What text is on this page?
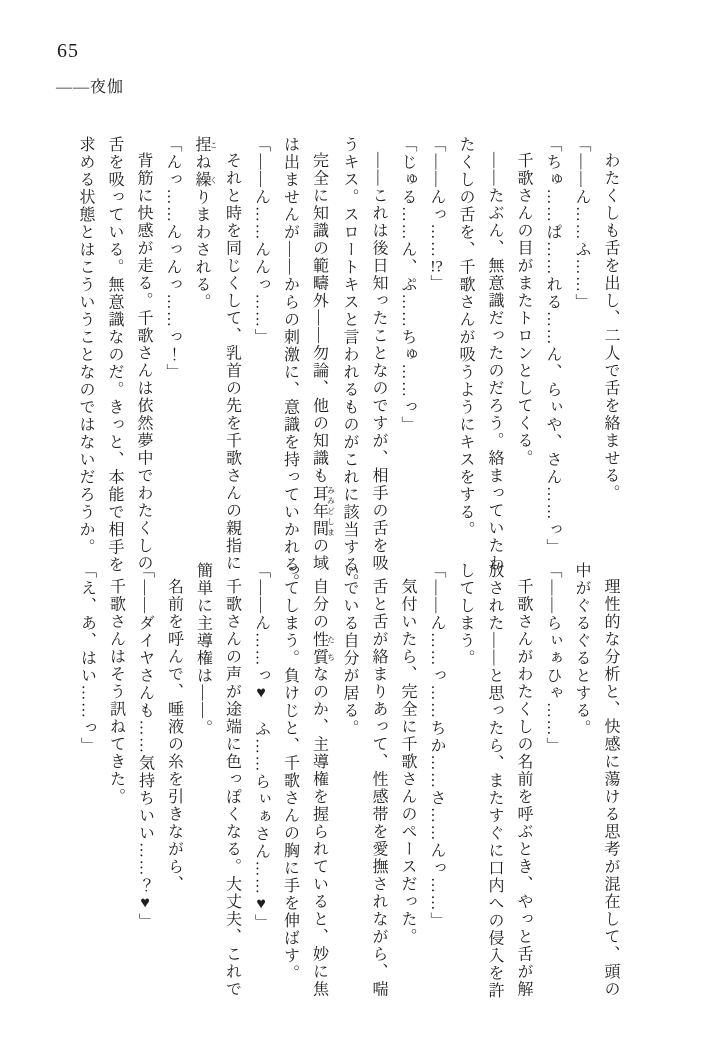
65
――夜伽

わたくしも舌を出し、二人で舌を絡ませる。

「――ん……ふ……」

「ちゅ……ぱ……れる……ん、らぃや、さん……っ」

千歌さんの目がまたトロンとしてくる。

――たぶん、無意識だったのだろう。絡まっていたわ

たくしの舌を、千歌さんが吸うようにキスをする。

「――んっ……!?」

「じゅる……ん、ぷ……ちゅ……っ」

――これは後日知ったことなのですが、相手の舌を吸

うキス。スロートキスと言われるものがこれに該当する。

完全に知識の範疇外――勿論、他の知識も耳年間 みみどしまの域

は出ませんが――からの刺激に、意識を持っていかれる。

「――ん……んんっ……」

それと時を同じくして、乳首の先を千歌さんの親指に

捏 こね繰 くりまわされる。

「んっ……んっんっ……っ！」

背筋に快感が走る。千歌さんは依然夢中でわたくしの

舌を吸っている。無意識なのだ。きっと、本能で相手を

求める状態とはこういうことなのではないだろうか。

理性的な分析と、快感に蕩ける思考が混在して、頭の

中がぐるぐるとする。

「――らぃぁひゃ……」

千歌さんがわたくしの名前を呼ぶとき、やっと舌が解

放された――と思ったら、またすぐに口内への侵入を許

してしまう。

「――ん……っ……ちか……さ……んっ……」

気付いたら、完全に千歌さんのペースだった。

舌と舌が絡まりあって、性感帯を愛撫されながら、喘

いでいる自分が居る。

自分の性質 たちなのか、主導権を握られていると、妙に焦

ってしまう。負けじと、千歌さんの胸に手を伸ばす。

「――ん……っ♥　ふ……らぃぁさん……♥」

千歌さんの声が途端に色っぽくなる。大丈夫、これで

簡単に主導権は――。

名前を呼んで、唾液の糸を引きながら、

「――ダイヤさんも……気持ちいい……？♥」

千歌さんはそう訊ねてきた。

「え、あ、はい……っ」
